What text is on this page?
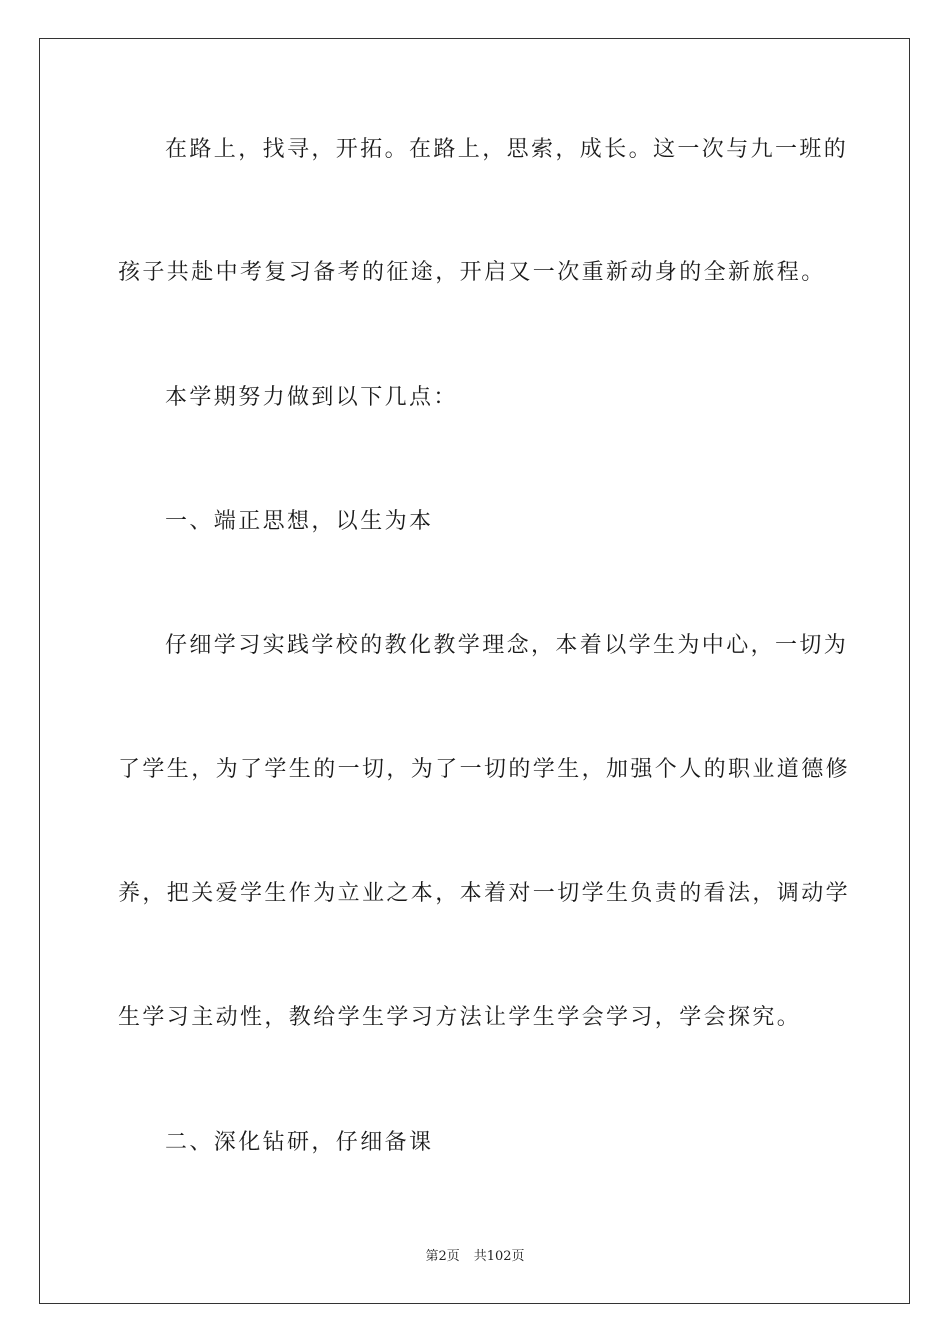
在路上，找寻，开拓。在路上，思索，成长。这一次与九一班的
孩子共赴中考复习备考的征途，开启又一次重新动身的全新旅程。
本学期努力做到以下几点：
一、端正思想，以生为本
仔细学习实践学校的教化教学理念，本着以学生为中心，一切为
了学生，为了学生的一切，为了一切的学生，加强个人的职业道德修
养，把关爱学生作为立业之本，本着对一切学生负责的看法，调动学
生学习主动性，教给学生学习方法让学生学会学习，学会探究。
二、深化钻研，仔细备课
第2页 共102页
